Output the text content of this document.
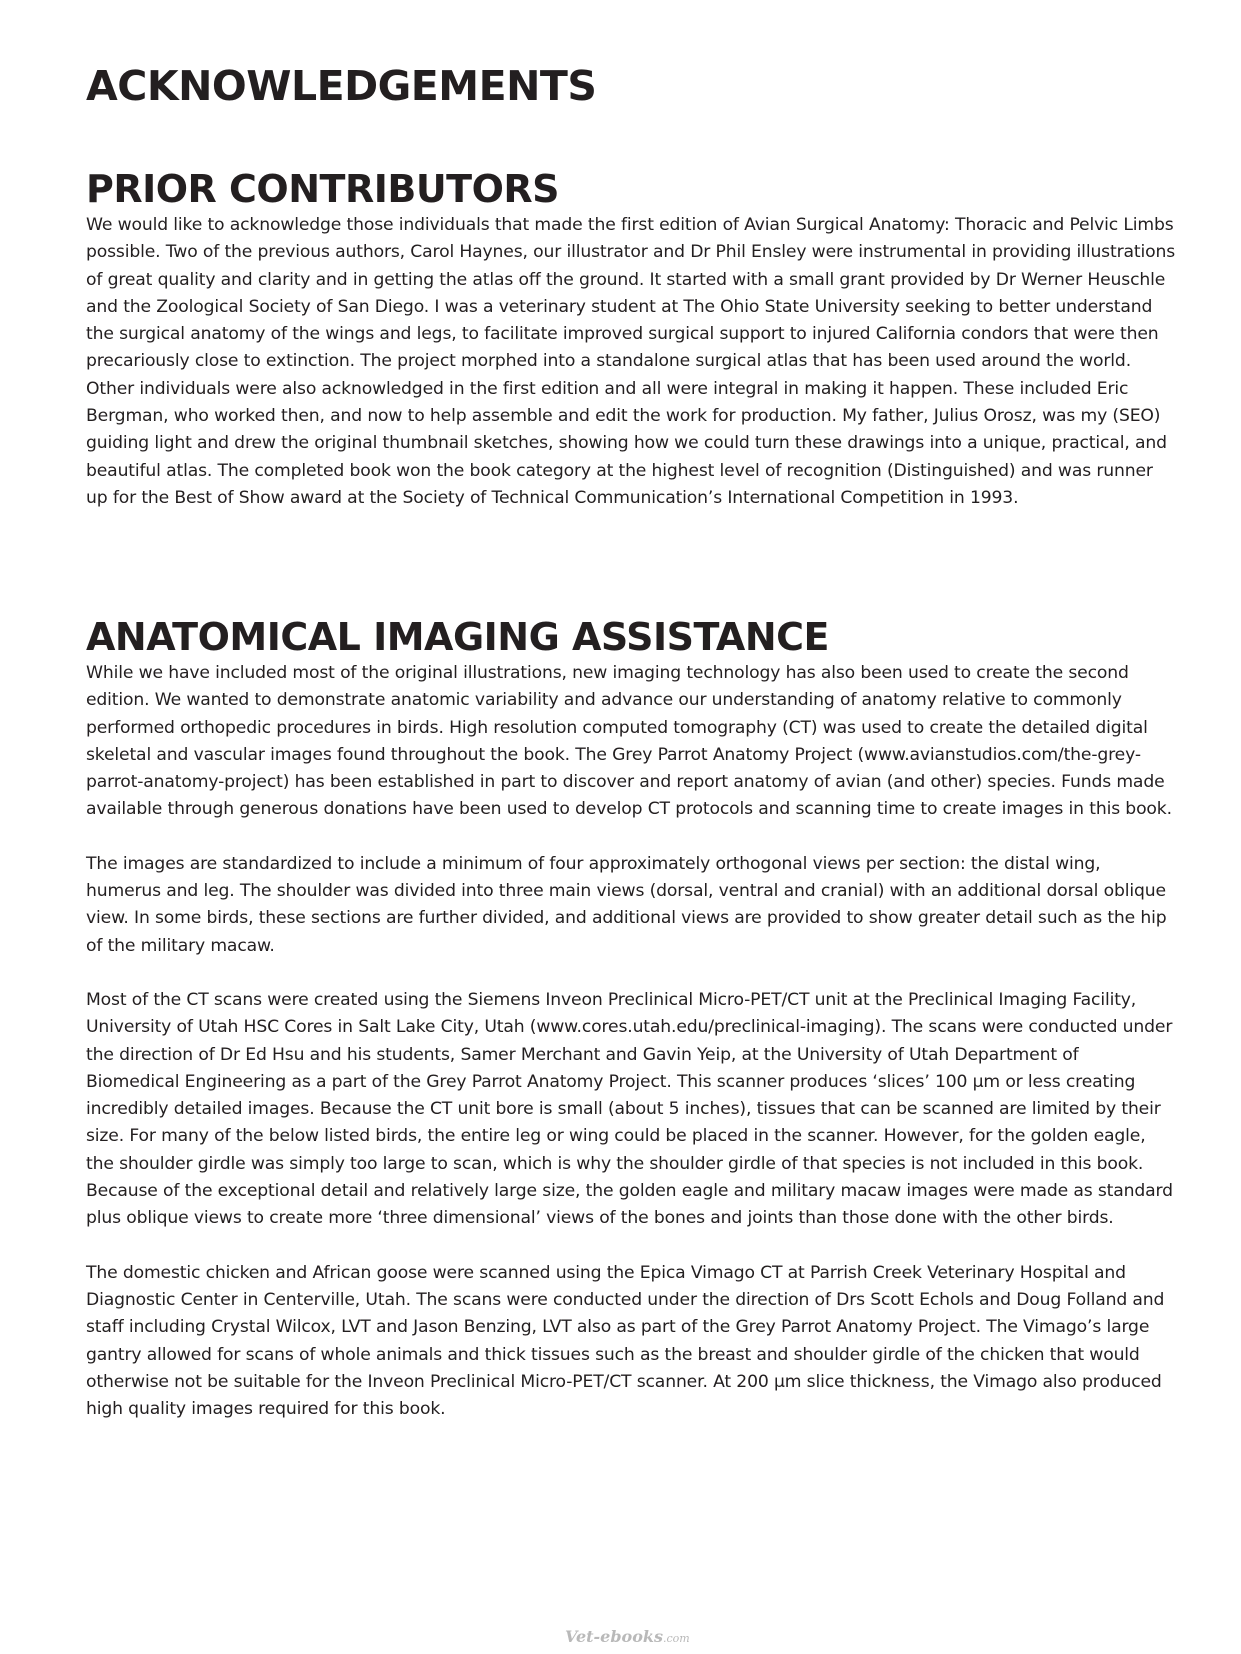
ACKNOWLEDGEMENTS
PRIOR CONTRIBUTORS

We would like to acknowledge those individuals that made the first edition of Avian Surgical Anatomy: Thoracic and Pelvic Limbs possible. Two of the previous authors, Carol Haynes, our illustrator and Dr Phil Ensley were instrumental in providing illustrations of great quality and clarity and in getting the atlas off the ground. It started with a small grant provided by Dr Werner Heuschle and the Zoological Society of San Diego. I was a veterinary student at The Ohio State University seeking to better understand the surgical anatomy of the wings and legs, to facilitate improved surgical support to injured California condors that were then precariously close to extinction. The project morphed into a standalone surgical atlas that has been used around the world. Other individuals were also acknowledged in the first edition and all were integral in making it happen. These included Eric Bergman, who worked then, and now to help assemble and edit the work for production. My father, Julius Orosz, was my (SEO) guiding light and drew the original thumbnail sketches, showing how we could turn these drawings into a unique, practical, and beautiful atlas. The completed book won the book category at the highest level of recognition (Distinguished) and was runner up for the Best of Show award at the Society of Technical Communication’s International Competition in 1993.

ANATOMICAL IMAGING ASSISTANCE

While we have included most of the original illustrations, new imaging technology has also been used to create the second edition. We wanted to demonstrate anatomic variability and advance our understanding of anatomy relative to commonly performed orthopedic procedures in birds. High resolution computed tomography (CT) was used to create the detailed digital skeletal and vascular images found throughout the book. The Grey Parrot Anatomy Project (www.avianstudios.com/the-grey-parrot-anatomy-project) has been established in part to discover and report anatomy of avian (and other) species. Funds made available through generous donations have been used to develop CT protocols and scanning time to create images in this book.

The images are standardized to include a minimum of four approximately orthogonal views per section: the distal wing, humerus and leg. The shoulder was divided into three main views (dorsal, ventral and cranial) with an additional dorsal oblique view. In some birds, these sections are further divided, and additional views are provided to show greater detail such as the hip of the military macaw.

Most of the CT scans were created using the Siemens Inveon Preclinical Micro-PET/CT unit at the Preclinical Imaging Facility, University of Utah HSC Cores in Salt Lake City, Utah (www.cores.utah.edu/preclinical-imaging). The scans were conducted under the direction of Dr Ed Hsu and his students, Samer Merchant and Gavin Yeip, at the University of Utah Department of Biomedical Engineering as a part of the Grey Parrot Anatomy Project. This scanner produces ‘slices’ 100 µm or less creating incredibly detailed images. Because the CT unit bore is small (about 5 inches), tissues that can be scanned are limited by their size. For many of the below listed birds, the entire leg or wing could be placed in the scanner. However, for the golden eagle, the shoulder girdle was simply too large to scan, which is why the shoulder girdle of that species is not included in this book. Because of the exceptional detail and relatively large size, the golden eagle and military macaw images were made as standard plus oblique views to create more ‘three dimensional’ views of the bones and joints than those done with the other birds.

The domestic chicken and African goose were scanned using the Epica Vimago CT at Parrish Creek Veterinary Hospital and Diagnostic Center in Centerville, Utah. The scans were conducted under the direction of Drs Scott Echols and Doug Folland and staff including Crystal Wilcox, LVT and Jason Benzing, LVT also as part of the Grey Parrot Anatomy Project. The Vimago’s large gantry allowed for scans of whole animals and thick tissues such as the breast and shoulder girdle of the chicken that would otherwise not be suitable for the Inveon Preclinical Micro-PET/CT scanner. At 200 µm slice thickness, the Vimago also produced high quality images required for this book.

Vet-ebooks.com
